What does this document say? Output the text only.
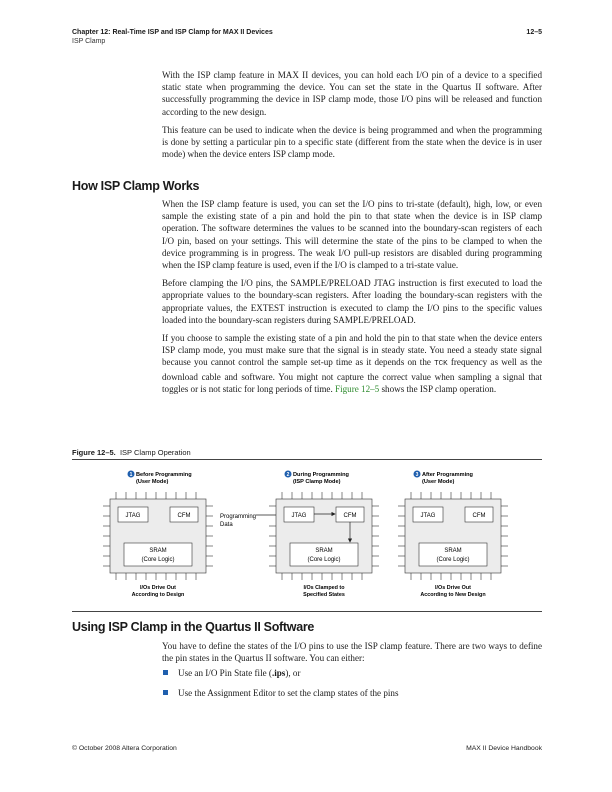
Chapter 12: Real-Time ISP and ISP Clamp for MAX II Devices	12–5
ISP Clamp

With the ISP clamp feature in MAX II devices, you can hold each I/O pin of a device to a specified static state when programming the device. You can set the state in the Quartus II software. After successfully programming the device in ISP clamp mode, those I/O pins will be released and function according to the new design.

This feature can be used to indicate when the device is being programmed and when the programming is done by setting a particular pin to a specific state (different from the state when the device is in user mode) when the device enters ISP clamp mode.

How ISP Clamp Works

When the ISP clamp feature is used, you can set the I/O pins to tri-state (default), high, low, or even sample the existing state of a pin and hold the pin to that state when the device is in ISP clamp operation. The software determines the values to be scanned into the boundary-scan registers of each I/O pin, based on your settings. This will determine the state of the pins to be clamped to when the device programming is in progress. The weak I/O pull-up resistors are disabled during programming when the ISP clamp feature is used, even if the I/O is clamped to a tri-state value.

Before clamping the I/O pins, the SAMPLE/PRELOAD JTAG instruction is first executed to load the appropriate values to the boundary-scan registers. After loading the boundary-scan registers with the appropriate values, the EXTEST instruction is executed to clamp the I/O pins to the specific values loaded into the boundary-scan registers during SAMPLE/PRELOAD.

If you choose to sample the existing state of a pin and hold the pin to that state when the device enters ISP clamp mode, you must make sure that the signal is in steady state. You need a steady state signal because you cannot control the sample set-up time as it depends on the TCK frequency as well as the download cable and software. You might not capture the correct value when sampling a signal that toggles or is not static for long periods of time. Figure 12–5 shows the ISP clamp operation.

Figure 12–5. ISP Clamp Operation
1 Before Programming
(User Mode)
JTAG	CFM
SRAM
(Core Logic)
I/Os Drive Out
According to Design
Programming
Data
2 During Programming
(ISP Clamp Mode)
JTAG	CFM
SRAM
(Core Logic)
I/Os Clamped to
Specified States
3 After Programming
(User Mode)
JTAG	CFM
SRAM
(Core Logic)
I/Os Drive Out
According to New Design
Using ISP Clamp in the Quartus II Software

You have to define the states of the I/O pins to use the ISP clamp feature. There are two ways to define the pin states in the Quartus II software. You can either:

Use an I/O Pin State file (.ips), or
Use the Assignment Editor to set the clamp states of the pins
© October 2008 Altera Corporation	MAX II Device Handbook
